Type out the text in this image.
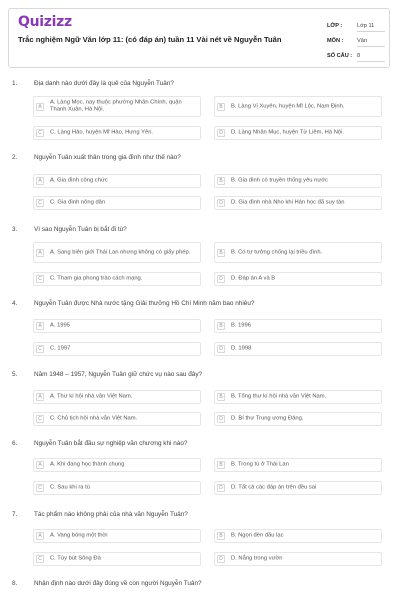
Quizizz
Trắc nghiệm Ngữ Văn lớp 11: (có đáp án) tuần 11 Vài nét về Nguyễn Tuân
LỚP :	Lớp 11
MÔN : Văn
SỐ CÂU : 8
1.	Địa danh nào dưới đây là quê của Nguyễn Tuân?
A
A. Làng Mọc, nay thuộc phường Nhân Chính, quận Thanh Xuân, Hà Nội.	B	B. Làng Vị Xuyên, huyện Mĩ Lộc, Nam Định.
C	C. Làng Hảo, huyện Mĩ Hào, Hưng Yên.	D	D. Làng Nhân Mục, huyện Từ Liêm, Hà Nội.
2.	Nguyễn Tuân xuất thân trong gia đình như thế nào?
A	A. Gia đình công chức	B	B. Gia đình có truyền thống yêu nước
C	C. Gia đình nông dân	D	D. Gia đình nhà Nho khi Hán học đã suy tàn
3.	Vì sao Nguyễn Tuân bị bắt đi tù?
A	A. Sang biên giới Thái Lan nhưng không có giấy phép.	B	B. Có tư tưởng chống lại triều đình.
C	C. Tham gia phong trào cách mạng.	D	D. Đáp án A và B
4.	Nguyễn Tuân được Nhà nước tặng Giải thưởng Hồ Chí Minh năm bao nhiêu?
A	A. 1995	B	B. 1996
C	C. 1997	D	D. 1998
5.	Năm 1948 – 1957, Nguyễn Tuân giữ chức vụ nào sau đây?
A	A. Thư kí hội nhà văn Việt Nam.	B	B. Tổng thư kí hội nhà văn Việt Nam.
C	C. Chủ tịch hội nhà văn Việt Nam.	D	D. Bí thư Trung ương Đảng.
6.	Nguyễn Tuân bắt đầu sự nghiệp văn chương khi nào?
A	A. Khi đang học thành chung	B	B. Trong tù ở Thái Lan
C	C. Sau khi ra tù	D	D. Tất cả các đáp án trên đều sai
7.	Tác phẩm nào không phải của nhà văn Nguyễn Tuân?
A	A. Vang bóng một thời	B	B. Ngọn đèn dầu lạc
C	C. Tùy bút Sông Đà	D	D. Nắng trong vườn
8.	Nhận định nào dưới đây đúng về con người Nguyễn Tuân?
